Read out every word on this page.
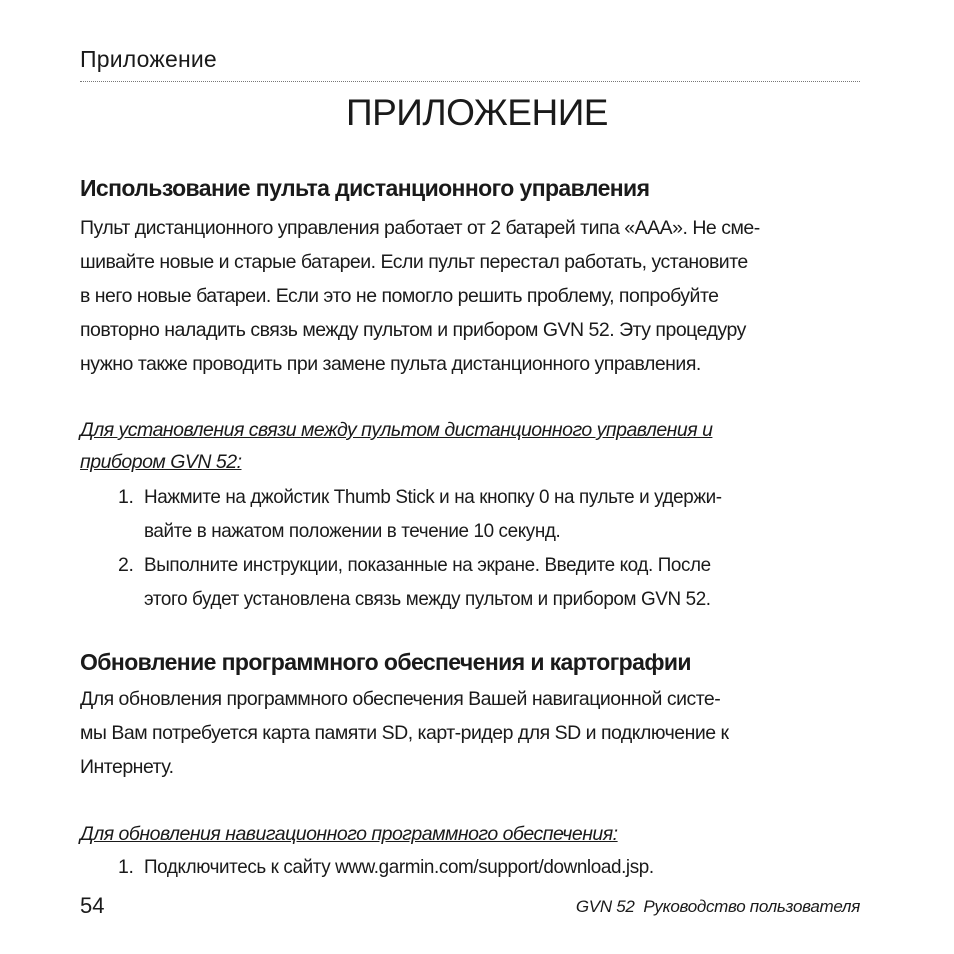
Приложение
ПРИЛОЖЕНИЕ
Использование пульта дистанционного управления
Пульт дистанционного управления работает от 2 батарей типа «ААА». Не сме-
шивайте новые и старые батареи. Если пульт перестал работать, установите
в него новые батареи. Если это не помогло решить проблему, попробуйте
повторно наладить связь между пультом и прибором GVN 52. Эту процедуру
нужно также проводить при замене пульта дистанционного управления.
Для установления связи между пультом дистанционного управления и
прибором GVN 52:
1. Нажмите на джойстик Thumb Stick и на кнопку 0 на пульте и удержи-
вайте в нажатом положении в течение 10 секунд.
2. Выполните инструкции, показанные на экране. Введите код. После
этого будет установлена связь между пультом и прибором GVN 52.
Обновление программного обеспечения и картографии
Для обновления программного обеспечения Вашей навигационной систе-
мы Вам потребуется карта памяти SD, карт-ридер для SD и подключение к
Интернету.
Для обновления навигационного программного обеспечения:
1. Подключитесь к сайту www.garmin.com/support/download.jsp.
54	GVN 52  Руководство пользователя
